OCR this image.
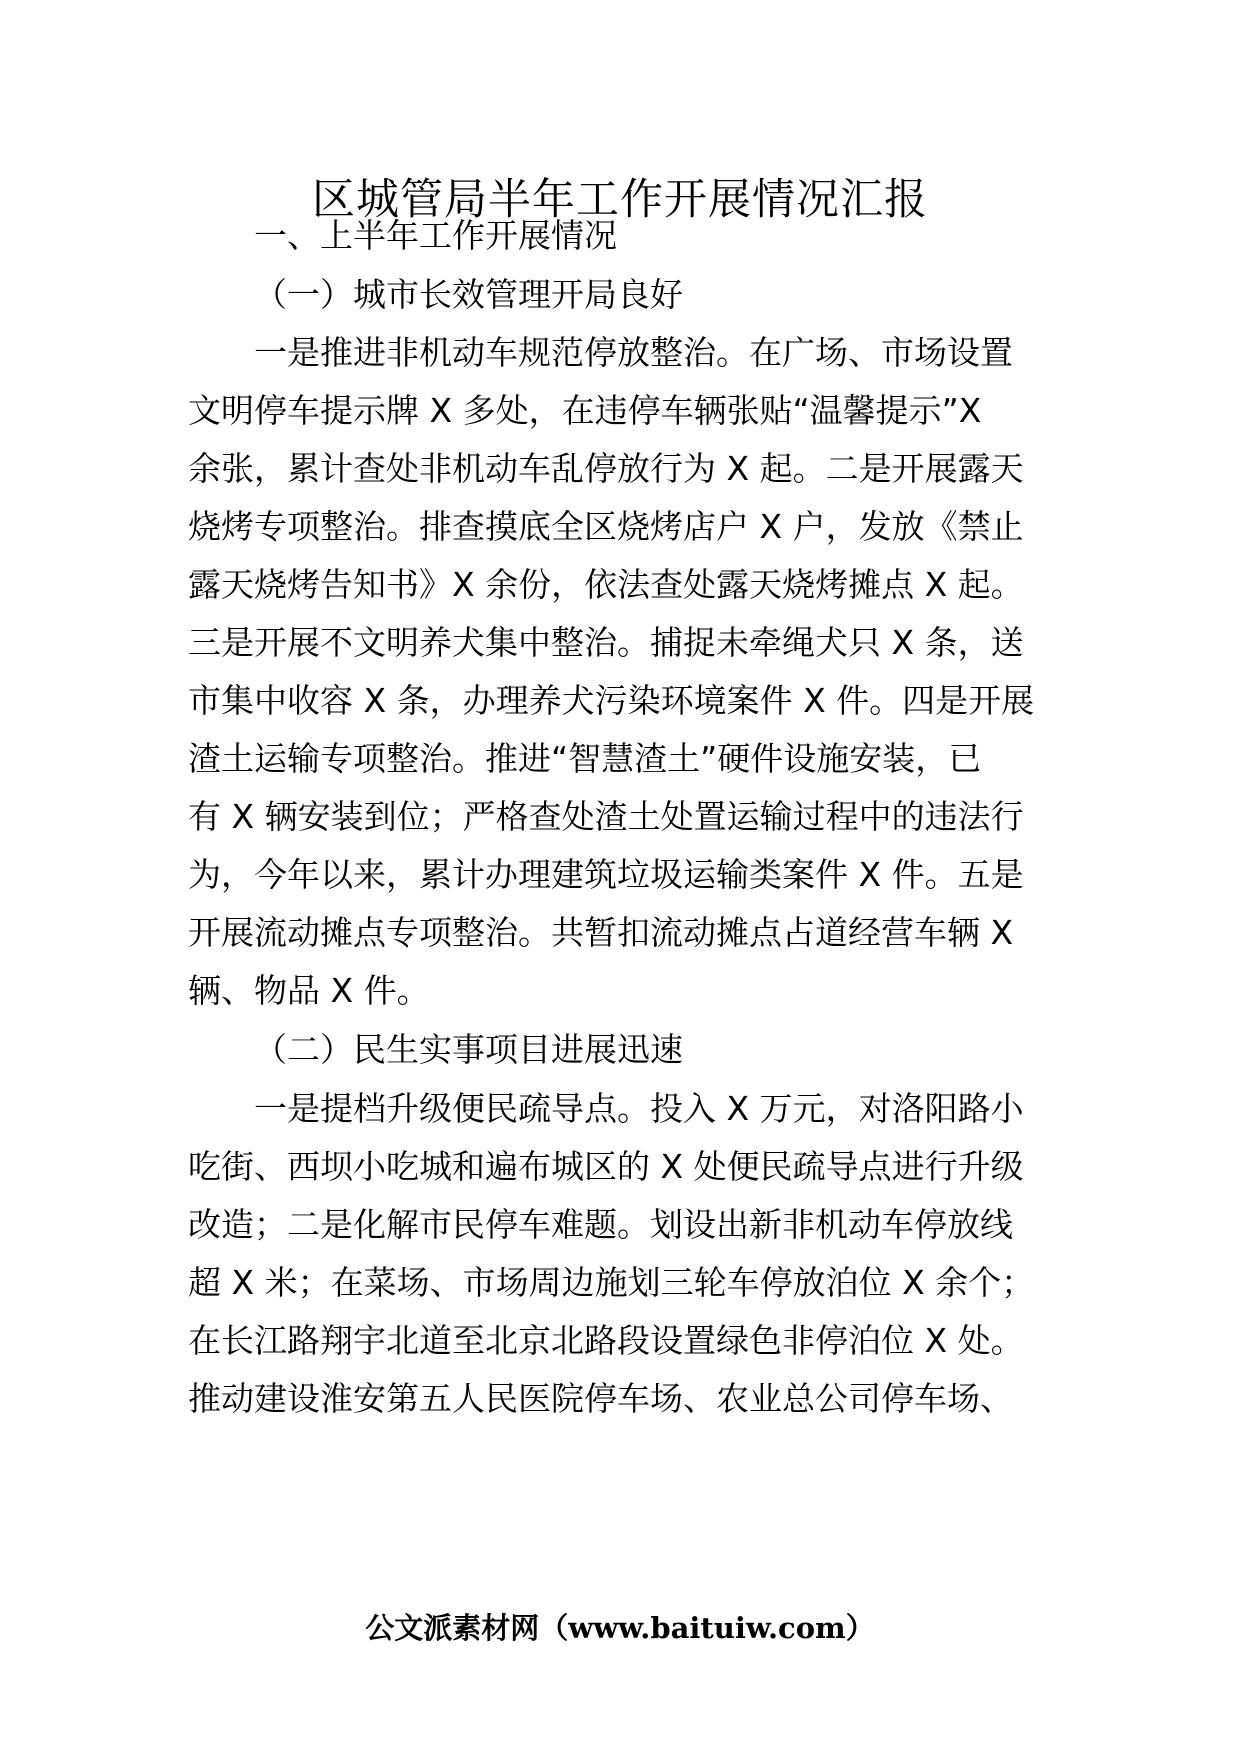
区城管局半年工作开展情况汇报
一、上半年工作开展情况
（一）城市长效管理开局良好
一是推进非机动车规范停放整治。在广场、市场设置
文明停车提示牌 X 多处，在违停车辆张贴“温馨提示”X
余张，累计查处非机动车乱停放行为 X 起。二是开展露天
烧烤专项整治。排查摸底全区烧烤店户 X 户，发放《禁止
露天烧烤告知书》X 余份，依法查处露天烧烤摊点 X 起。
三是开展不文明养犬集中整治。捕捉未牵绳犬只 X 条，送
市集中收容 X 条，办理养犬污染环境案件 X 件。四是开展
渣土运输专项整治。推进“智慧渣土”硬件设施安装，已
有 X 辆安装到位；严格查处渣土处置运输过程中的违法行
为，今年以来，累计办理建筑垃圾运输类案件 X 件。五是
开展流动摊点专项整治。共暂扣流动摊点占道经营车辆 X
辆、物品 X 件。
（二）民生实事项目进展迅速
一是提档升级便民疏导点。投入 X 万元，对洛阳路小
吃街、西坝小吃城和遍布城区的 X 处便民疏导点进行升级
改造；二是化解市民停车难题。划设出新非机动车停放线
超 X 米；在菜场、市场周边施划三轮车停放泊位 X 余个；
在长江路翔宇北道至北京北路段设置绿色非停泊位 X 处。
推动建设淮安第五人民医院停车场、农业总公司停车场、
公文派素材网（www.baituiw.com）
